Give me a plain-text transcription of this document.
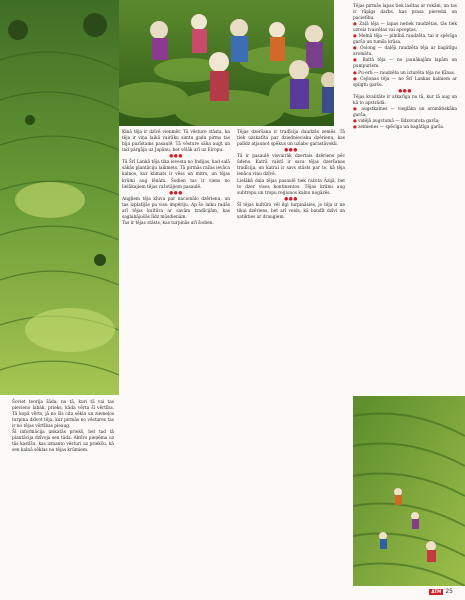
Šoviet teorija šāda: no tā, kuri tā vai tas pievieno labāk, prieks, kāda vērta šī vērtība. Tā kopā vērts, jā no šīs cita sēkla un ziemeļos turpina dzīvot tēja, kur pirmās no vēstures tas ir no tējas vērtības pieaug.

Šī informācija izskatās priekš, bet tad tā plantācija dzīvoja sen tāda. Aktīvs pieņēma uz tās kastīšu, kas izmanto vēsturi uz priekšu, kā sen kalnā sēklas no tējas krūmiem.

Ķīnā tēja ir dzīvē vienmēr. Tā vēsture stāsta, ka tēja ir viņa laikā vairāku simtu gadu pirms tas bija pazīstams pasaulē. Tā vēsture sāka augt un tad pārgāja uz Japānu, bet vēlāk arī uz Eiropu.

●●●

Tā Šrī Lankā tēja tika ievesta no Indijas, kad salā sākās plantāciju laikmets. Tā pirmās ražas ievāca kalnos, kur klimats ir vēss un mitrs, un tējas krūmi aug lēnām. Šodien tas ir viens no lielākajiem tējas ražotājiem pasaulē.

●●●

Angļiem tēja kļuva par nacionālo dzērienu, un tas izplatījās pa visu impēriju. Ap šo laiku radās arī tējas kultūra ar savām tradīcijām, kas saglabājušās līdz mūsdienām.

Tas ir tējas stāsts, kas turpinās arī šodien.

Tējas dzeršana ir tradīcija daudzās zemēs. Tā tiek uzskatīta par dziedniecisku dzērienu, kas palīdz atjaunot spēkus un uzlabo garastāvokli.

●●●

Tā ir pasaulē visvairāk dzertais dzēriens pēc ūdens. Katrā valstī ir sava tējas dzeršanas tradīcija, un katrai ir savs stāsts par to, kā tēja ienāca viņu dzīvē.

Lielākā daļa tējas pasaulē tiek ražota Āzijā, bet to dzer visos kontinentos. Tējas krūmi aug subtropu un tropu reģionos kalnu nogāzēs.

●●●

Šī tējas kultūra vēl ilgi turpināsies, jo tēja ir ne tikai dzēriens, bet arī veids, kā baudīt dzīvi un satikties ar draugiem.

Tējas pirmās lapas tiek lasītas ar rokām, un tas ir rūpīgs darbs, kas prasa pieredzi un pacietību.

● Zaļā tēja — lapas netiek raudzētas, tās tiek uzreiz tvaicētas vai apceptas.

● Melnā tēja — pilnībā raudzēta, tai ir spēcīga garša un tumša krāsa.

● Oolong — daļēji raudzēta tēja ar bagātīgu aromātu.

● Baltā tēja — no jaunākajām lapām un pumpuriem.

● Pu-erh — raudzēta un izturēta tēja no Ķīnas.

● Cejlonas tēja — no Šrī Lankas kalniem ar spilgtu garšu.

●●●

Tējas kvalitāte ir atkarīga no tā, kur tā aug un kā to apstrādā:

● augstkalnes — vieglāka un aromātiskāka garša;

● vidējā augstumā — līdzsvarota garša;

● zemienes — spēcīga un bagātīga garša.

ATM 25
